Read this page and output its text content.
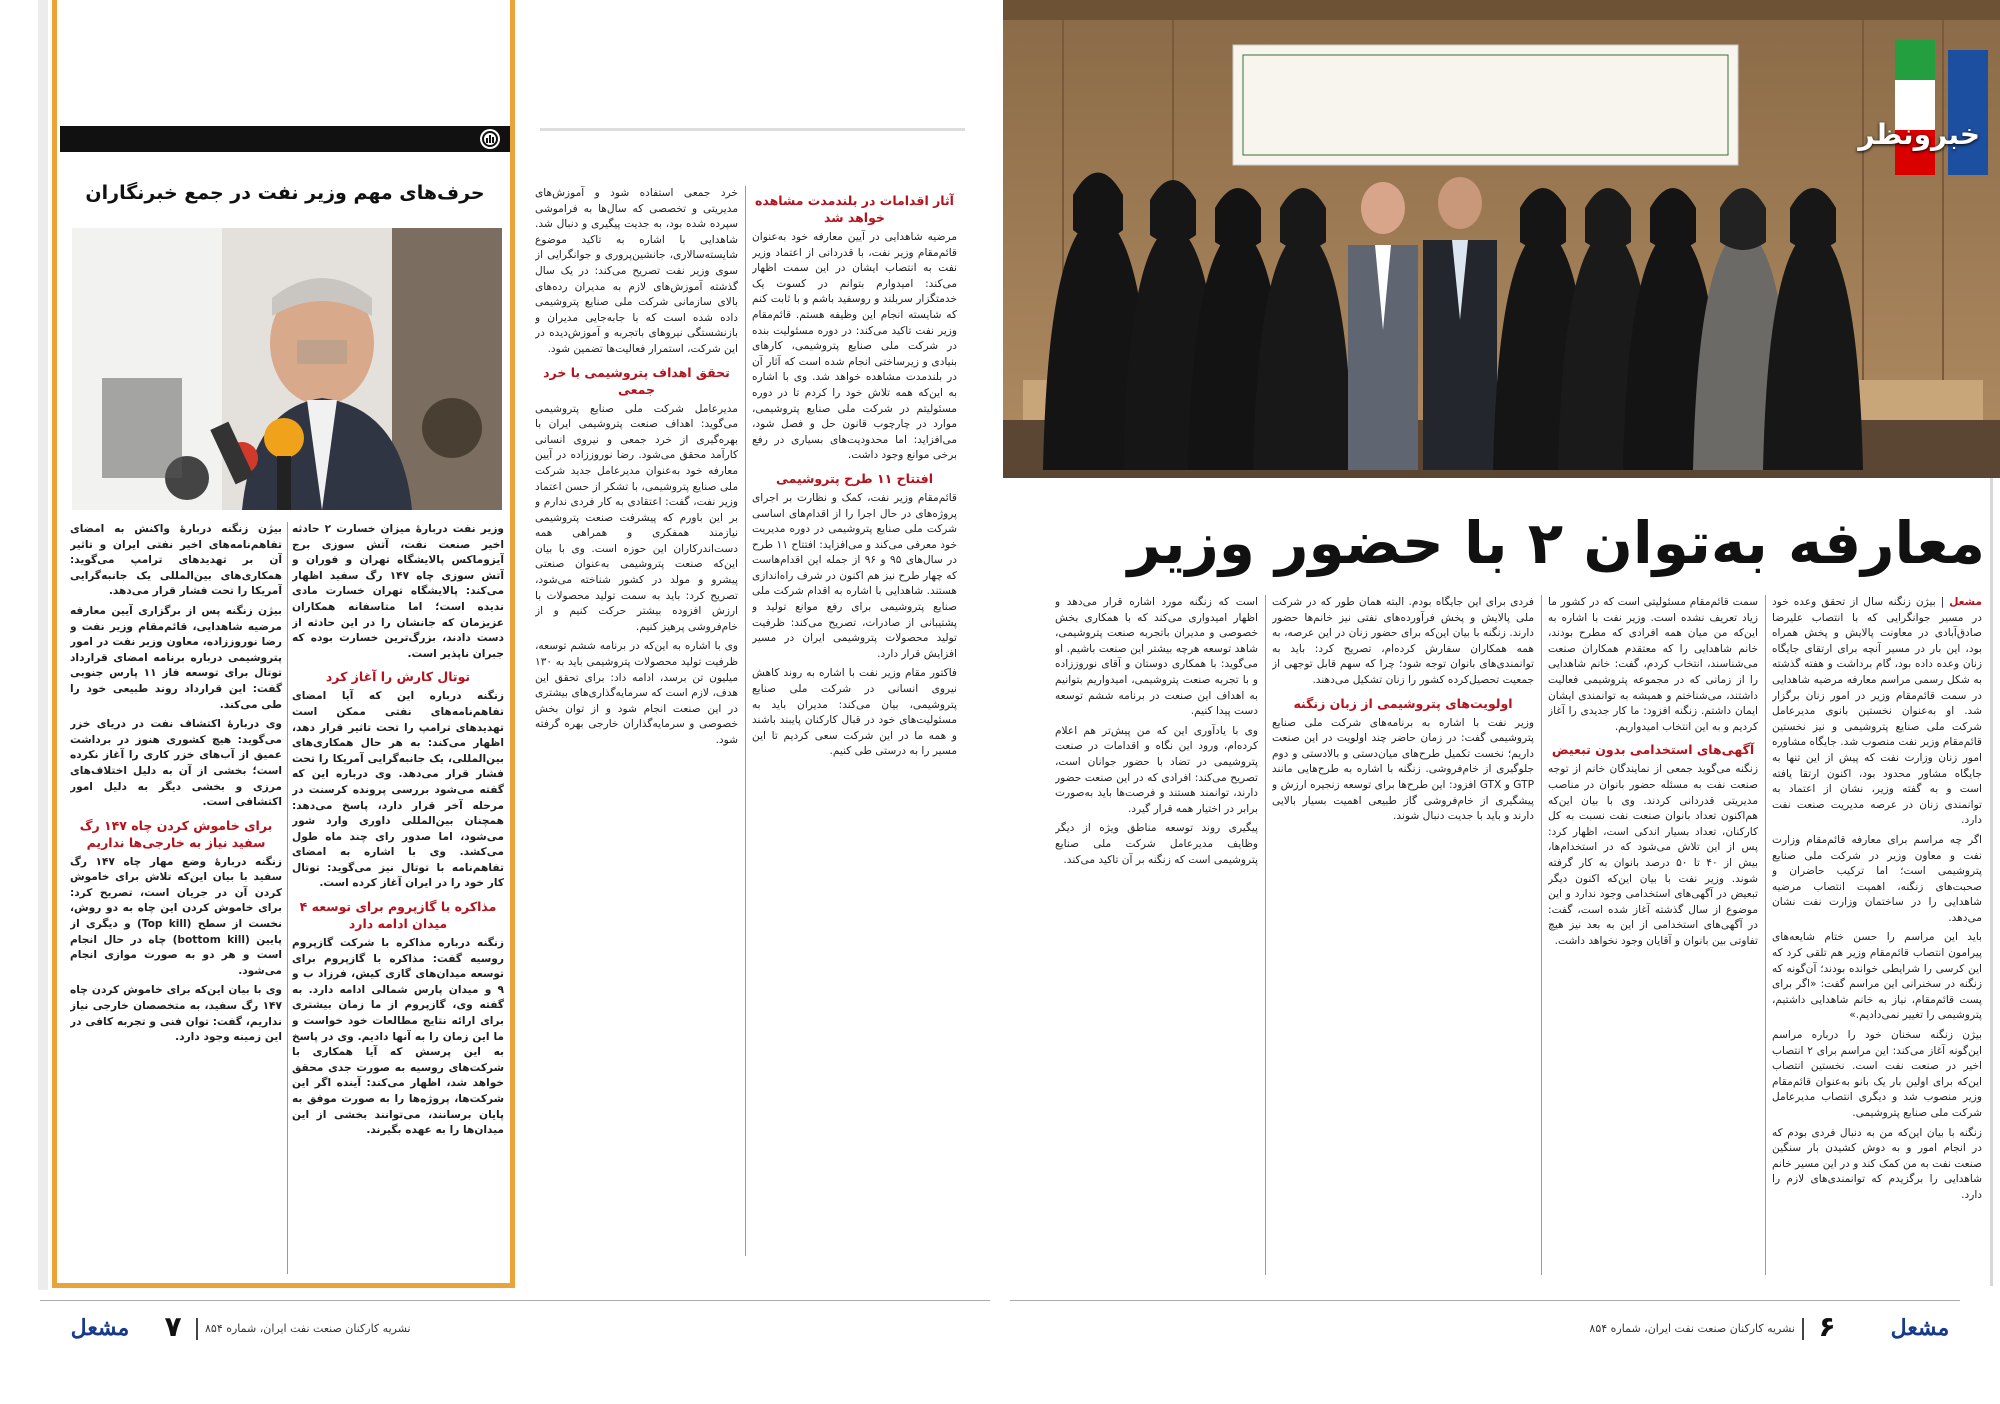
حرف‌های مهم وزیر نفت در جمع خبرنگاران

وزیر نفت دربارهٔ میزان خسارت ۲ حادثه اخیر صنعت نفت، آتش سوزی برج آیزوماکس پالایشگاه تهران و فوران و آتش سوزی چاه ۱۴۷ رگ سفید اظهار می‌کند: پالایشگاه تهران خسارت مادی ندیده است؛ اما متاسفانه همکاران عزیزمان که جانشان را در این حادثه از دست دادند، بزرگ‌ترین خسارت بوده که جبران ناپذیر است.

توتال کارش را آغاز کرد

زنگنه درباره این که آیا امضای تفاهم‌نامه‌های نفتی ممکن است تهدیدهای ترامپ را تحت تاثیر قرار دهد، اظهار می‌کند: به هر حال همکاری‌های بین‌المللی، یک جانبه‌گرایی آمریکا را تحت فشار قرار می‌دهد. وی درباره این که گفته می‌شود بررسی پرونده کرسنت در مرحله آخر قرار دارد، پاسخ می‌دهد: همچنان بین‌المللی داوری وارد شور می‌شود، اما صدور رای چند ماه طول می‌کشد. وی با اشاره به امضای تفاهم‌نامه با توتال نیز می‌گوید: توتال کار خود را در ایران آغاز کرده است.

مذاکره با گازپروم برای توسعه ۴ میدان ادامه دارد

زنگنه درباره مذاکره با شرکت گازپروم روسیه گفت: مذاکره با گازپروم برای توسعه میدان‌های گازی کیش، فرزاد ب و ۹ و میدان پارس شمالی ادامه دارد. به گفته وی، گازپروم از ما زمان بیشتری برای ارائه نتایج مطالعات خود خواست و ما این زمان را به آنها دادیم. وی در پاسخ به این پرسش که آیا همکاری با شرکت‌های روسیه به صورت جدی محقق خواهد شد، اظهار می‌کند: آینده اگر این شرکت‌ها، پروژه‌ها را به صورت موفق به پایان برسانند، می‌توانند بخشی از این میدان‌ها را به عهده بگیرند.

بیژن زنگنه دربارهٔ واکنش به امضای تفاهم‌نامه‌های اخیر نفتی ایران و تاثیر آن بر تهدیدهای ترامپ می‌گوید: همکاری‌های بین‌المللی یک جانبه‌گرایی آمریکا را تحت فشار قرار می‌دهد.

بیژن زنگنه پس از برگزاری آیین معارفه مرضیه شاهدایی، قائم‌مقام وزیر نفت و رضا نوروززاده، معاون وزیر نفت در امور پتروشیمی درباره برنامه امضای قرارداد توتال برای توسعه فاز ۱۱ پارس جنوبی گفت: این قرارداد روند طبیعی خود را طی می‌کند.

وی دربارهٔ اکتشاف نفت در دریای خزر می‌گوید: هیچ کشوری هنوز در برداشت عمیق از آب‌های خزر کاری را آغاز نکرده است؛ بخشی از آن به دلیل اختلاف‌های مرزی و بخشی دیگر به دلیل امور اکتشافی است.

برای خاموش کردن چاه ۱۴۷ رگ سفید نیاز به خارجی‌ها نداریم

زنگنه دربارهٔ وضع مهار چاه ۱۴۷ رگ سفید با بیان این‌که تلاش برای خاموش کردن آن در جریان است، تصریح کرد: برای خاموش کردن این چاه به دو روش، نخست از سطح (Top kill) و دیگری از پایین (bottom kill) چاه در حال انجام است و هر دو به صورت موازی انجام می‌شود.

وی با بیان این‌که برای خاموش کردن چاه ۱۴۷ رگ سفید، به متخصصان خارجی نیاز نداریم، گفت: توان فنی و تجربه کافی در این زمینه وجود دارد.

آثار اقدامات در بلندمدت مشاهده خواهد شد

مرضیه شاهدایی در آیین معارفه خود به‌عنوان قائم‌مقام وزیر نفت، با قدردانی از اعتماد وزیر نفت به انتصاب ایشان در این سمت اظهار می‌کند: امیدوارم بتوانم در کسوت یک خدمتگزار سربلند و روسفید باشم و با ثابت کنم که شایسته انجام این وظیفه هستم. قائم‌مقام وزیر نفت تاکید می‌کند: در دوره مسئولیت بنده در شرکت ملی صنایع پتروشیمی، کارهای بنیادی و زیرساختی انجام شده است که آثار آن در بلندمدت مشاهده خواهد شد. وی با اشاره به این‌که همه تلاش خود را کردم تا در دوره مسئولیتم در شرکت ملی صنایع پتروشیمی، موارد در چارچوب قانون حل و فصل شود، می‌افزاید: اما محدودیت‌های بسیاری در رفع برخی موانع وجود داشت.

افتتاح ۱۱ طرح پتروشیمی

قائم‌مقام وزیر نفت، کمک و نظارت بر اجرای پروژه‌های در حال اجرا را از اقدام‌های اساسی شرکت ملی صنایع پتروشیمی در دوره مدیریت خود معرفی می‌کند و می‌افزاید: افتتاح ۱۱ طرح در سال‌های ۹۵ و ۹۶ از جمله این اقدام‌هاست که چهار طرح نیز هم اکنون در شرف راه‌اندازی هستند. شاهدایی با اشاره به اقدام شرکت ملی صنایع پتروشیمی برای رفع موانع تولید و پشتیبانی از صادرات، تصریح می‌کند: ظرفیت تولید محصولات پتروشیمی ایران در مسیر افزایش قرار دارد.

فاکتور مقام وزیر نفت با اشاره به روند کاهش نیروی انسانی در شرکت ملی صنایع پتروشیمی، بیان می‌کند: مدیران باید به مسئولیت‌های خود در قبال کارکنان پایبند باشند و همه ما در این شرکت سعی کردیم تا این مسیر را به درستی طی کنیم.

خرد جمعی استفاده شود و آموزش‌های مدیریتی و تخصصی که سال‌ها به فراموشی سپرده شده بود، به جدیت پیگیری و دنبال شد. شاهدایی با اشاره به تاکید موضوع شایسته‌سالاری، جانشین‌پروری و جوانگرایی از سوی وزیر نفت تصریح می‌کند: در یک سال گذشته آموزش‌های لازم به مدیران رده‌های بالای سازمانی شرکت ملی صنایع پتروشیمی داده شده است که با جابه‌جایی مدیران و بازنشستگی نیروهای باتجربه و آموزش‌دیده در این شرکت، استمرار فعالیت‌ها تضمین شود.

تحقق اهداف پتروشیمی با خرد جمعی

مدیرعامل شرکت ملی صنایع پتروشیمی می‌گوید: اهداف صنعت پتروشیمی ایران با بهره‌گیری از خرد جمعی و نیروی انسانی کارآمد محقق می‌شود. رضا نوروززاده در آیین معارفه خود به‌عنوان مدیرعامل جدید شرکت ملی صنایع پتروشیمی، با تشکر از حسن اعتماد وزیر نفت، گفت: اعتقادی به کار فردی ندارم و بر این باورم که پیشرفت صنعت پتروشیمی نیازمند همفکری و همراهی همه دست‌اندرکاران این حوزه است. وی با بیان این‌که صنعت پتروشیمی به‌عنوان صنعتی پیشرو و مولد در کشور شناخته می‌شود، تصریح کرد: باید به سمت تولید محصولات با ارزش افزوده بیشتر حرکت کنیم و از خام‌فروشی پرهیز کنیم.

وی با اشاره به این‌که در برنامه ششم توسعه، ظرفیت تولید محصولات پتروشیمی باید به ۱۳۰ میلیون تن برسد، ادامه داد: برای تحقق این هدف، لازم است که سرمایه‌گذاری‌های بیشتری در این صنعت انجام شود و از توان بخش خصوصی و سرمایه‌گذاران خارجی بهره گرفته شود.

مشعل	۷	نشریه کارکنان صنعت نفت ایران، شماره ۸۵۴
خبرونظر
معارفه به‌توان ۲ با حضور وزیر

مشعل | بیژن زنگنه سال از تحقق وعده خود در مسیر جوانگرایی که با انتصاب علیرضا صادق‌آبادی در معاونت پالایش و پخش همراه بود، این بار در مسیر آنچه برای ارتقای جایگاه زنان وعده داده بود، گام برداشت و هفته گذشته به شکل رسمی مراسم معارفه مرضیه شاهدایی در سمت قائم‌مقام وزیر در امور زنان برگزار شد. او به‌عنوان نخستین بانوی مدیرعامل شرکت ملی صنایع پتروشیمی و نیز نخستین قائم‌مقام وزیر نفت منصوب شد. جایگاه مشاوره امور زنان وزارت نفت که پیش از این تنها به جایگاه مشاور محدود بود، اکنون ارتقا یافته است و به گفته وزیر، نشان از اعتماد به توانمندی زنان در عرصه مدیریت صنعت نفت دارد.

اگر چه مراسم برای معارفه قائم‌مقام وزارت نفت و معاون وزیر در شرکت ملی صنایع پتروشیمی است؛ اما ترکیب حاضران و صحبت‌های زنگنه، اهمیت انتصاب مرضیه شاهدایی را در ساختمان وزارت نفت نشان می‌دهد.

باید این مراسم را حسن ختام شایعه‌های پیرامون انتصاب قائم‌مقام وزیر هم تلقی کرد که این کرسی را شرایطی خوانده بودند؛ آن‌گونه که زنگنه در سخنرانی این مراسم گفت: «اگر برای پست قائم‌مقام، نیاز به خانم شاهدایی داشتیم، پتروشیمی را تغییر نمی‌دادیم.»

بیژن زنگنه سخنان خود را درباره مراسم این‌گونه آغاز می‌کند: این مراسم برای ۲ انتصاب اخیر در صنعت نفت است. نخستین انتصاب این‌که برای اولین بار یک بانو به‌عنوان قائم‌مقام وزیر منصوب شد و دیگری انتصاب مدیرعامل شرکت ملی صنایع پتروشیمی.

زنگنه با بیان این‌که من به دنبال فردی بودم که در انجام امور و به دوش کشیدن بار سنگین صنعت نفت به من کمک کند و در این مسیر خانم شاهدایی را برگزیدم که توانمندی‌های لازم را دارد.

سمت قائم‌مقام مسئولیتی است که در کشور ما زیاد تعریف نشده است. وزیر نفت با اشاره به این‌که من میان همه افرادی که مطرح بودند، خانم شاهدایی را که معتقدم همکاران صنعت می‌شناسند، انتخاب کردم، گفت: خانم شاهدایی را از زمانی که در مجموعه پتروشیمی فعالیت داشتند، می‌شناختم و همیشه به توانمندی ایشان ایمان داشتم. زنگنه افزود: ما کار جدیدی را آغاز کردیم و به این انتخاب امیدواریم.

آگهی‌های استخدامی بدون تبعیض

زنگنه می‌گوید جمعی از نمایندگان خانم از توجه صنعت نفت به مسئله حضور بانوان در مناصب مدیریتی قدردانی کردند. وی با بیان این‌که هم‌اکنون تعداد بانوان صنعت نفت نسبت به کل کارکنان، تعداد بسیار اندکی است، اظهار کرد: پس از این تلاش می‌شود که در استخدام‌ها، بیش از ۴۰ تا ۵۰ درصد بانوان به کار گرفته شوند. وزیر نفت با بیان این‌که اکنون دیگر تبعیض در آگهی‌های استخدامی وجود ندارد و این موضوع از سال گذشته آغاز شده است، گفت: در آگهی‌های استخدامی از این به بعد نیز هیچ تفاوتی بین بانوان و آقایان وجود نخواهد داشت.

فردی برای این جایگاه بودم. البته همان طور که در شرکت ملی پالایش و پخش فرآورده‌های نفتی نیز خانم‌ها حضور دارند. زنگنه با بیان این‌که برای حضور زنان در این عرصه، به همه همکاران سفارش کرده‌ام، تصریح کرد: باید به توانمندی‌های بانوان توجه شود؛ چرا که سهم قابل توجهی از جمعیت تحصیل‌کرده کشور را زنان تشکیل می‌دهند.

اولویت‌های پتروشیمی از زبان زنگنه

وزیر نفت با اشاره به برنامه‌های شرکت ملی صنایع پتروشیمی گفت: در زمان حاضر چند اولویت در این صنعت داریم؛ نخست تکمیل طرح‌های میان‌دستی و بالادستی و دوم جلوگیری از خام‌فروشی. زنگنه با اشاره به طرح‌هایی مانند GTP و GTX افزود: این طرح‌ها برای توسعه زنجیره ارزش و پیشگیری از خام‌فروشی گاز طبیعی اهمیت بسیار بالایی دارند و باید با جدیت دنبال شوند.

است که زنگنه مورد اشاره قرار می‌دهد و اظهار امیدواری می‌کند که با همکاری بخش خصوصی و مدیران باتجربه صنعت پتروشیمی، شاهد توسعه هرچه بیشتر این صنعت باشیم. او می‌گوید: با همکاری دوستان و آقای نوروززاده و با تجربه صنعت پتروشیمی، امیدواریم بتوانیم به اهداف این صنعت در برنامه ششم توسعه دست پیدا کنیم.

وی با یادآوری این که من پیش‌تر هم اعلام کرده‌ام، ورود این نگاه و اقدامات در صنعت پتروشیمی در تضاد با حضور جوانان است، تصریح می‌کند: افرادی که در این صنعت حضور دارند، توانمند هستند و فرصت‌ها باید به‌صورت برابر در اختیار همه قرار گیرد.

پیگیری روند توسعه مناطق ویژه از دیگر وظایف مدیرعامل شرکت ملی صنایع پتروشیمی است که زنگنه بر آن تاکید می‌کند.

مشعل
۶
نشریه کارکنان صنعت نفت ایران، شماره ۸۵۴
